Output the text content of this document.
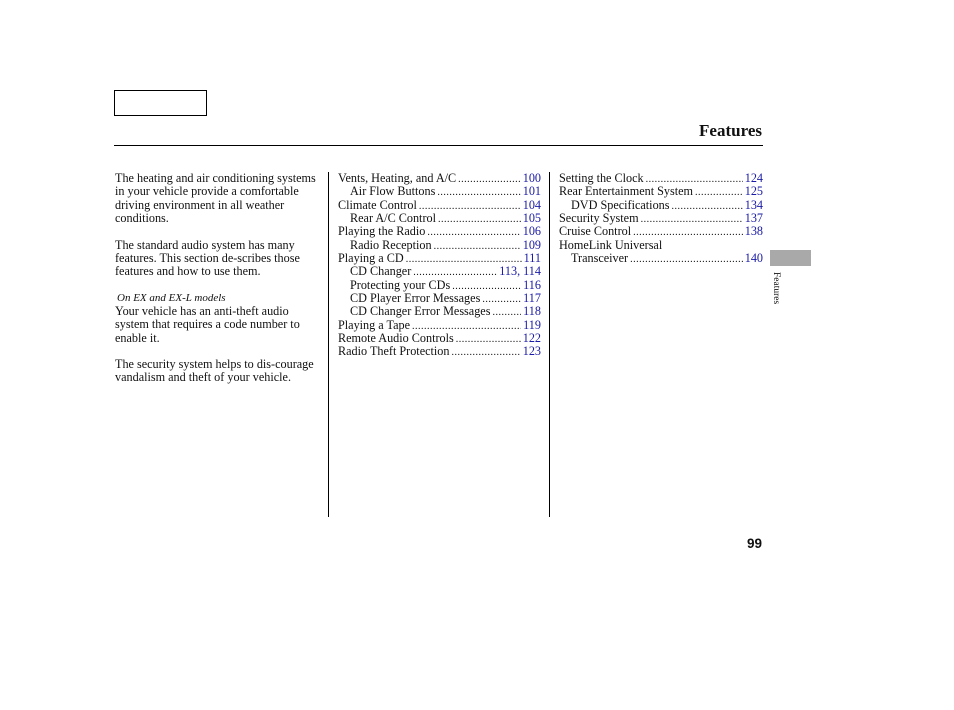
Features

The heating and air conditioning systems in your vehicle provide a comfortable driving environment in all weather conditions.

The standard audio system has many features. This section de-scribes those features and how to use them.

On EX and EX-L models

Your vehicle has an anti-theft audio system that requires a code number to enable it.

The security system helps to dis-courage vandalism and theft of your vehicle.

Vents, Heating, and A/C .....	100
Air Flow Buttons .....	101
Climate Control .....	104
Rear A/C Control .....	105
Playing the Radio .....	106
Radio Reception .....	109
Playing a CD .....	111
CD Changer .....	113, 114
Protecting your CDs .....	116
CD Player Error Messages .....	117
CD Changer Error Messages .....	118
Playing a Tape .....	119
Remote Audio Controls .....	122
Radio Theft Protection .....	123
Setting the Clock .....	124
Rear Entertainment System .....	125
DVD Specifications .....	134
Security System .....	137
Cruise Control .....	138
HomeLink Universal
Transceiver .....	140
Features
99
